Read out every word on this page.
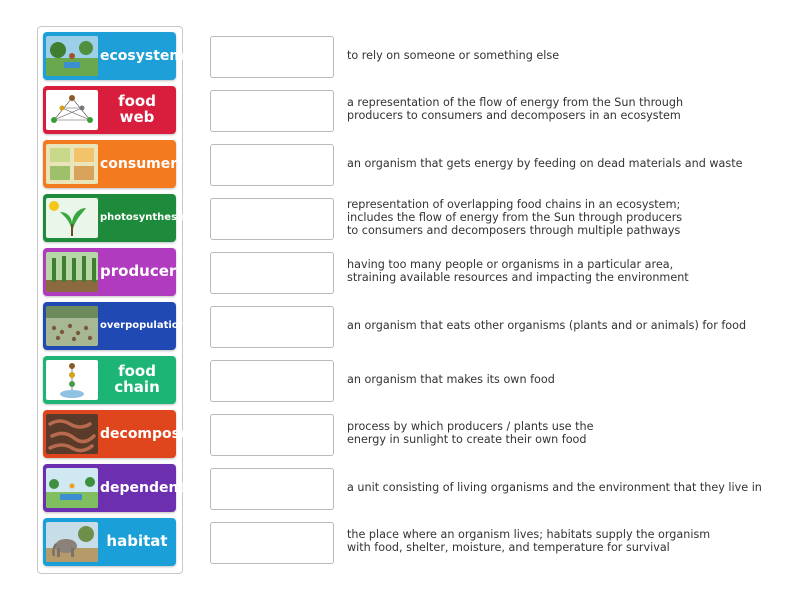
ecosystem
food web
consumer
photosynthesis
producer
overpopulation
food chain
decomposer
dependent
habitat
to rely on someone or something else
a representation of the flow of energy from the Sun through
producers to consumers and decomposers in an ecosystem
an organism that gets energy by feeding on dead materials and waste
representation of overlapping food chains in an ecosystem;
includes the flow of energy from the Sun through producers
to consumers and decomposers through multiple pathways
having too many people or organisms in a particular area,
straining available resources and impacting the environment
an organism that eats other organisms (plants and or animals) for food
an organism that makes its own food
process by which producers / plants use the
energy in sunlight to create their own food
a unit consisting of living organisms and the environment that they live in
the place where an organism lives; habitats supply the organism
with food, shelter, moisture, and temperature for survival
